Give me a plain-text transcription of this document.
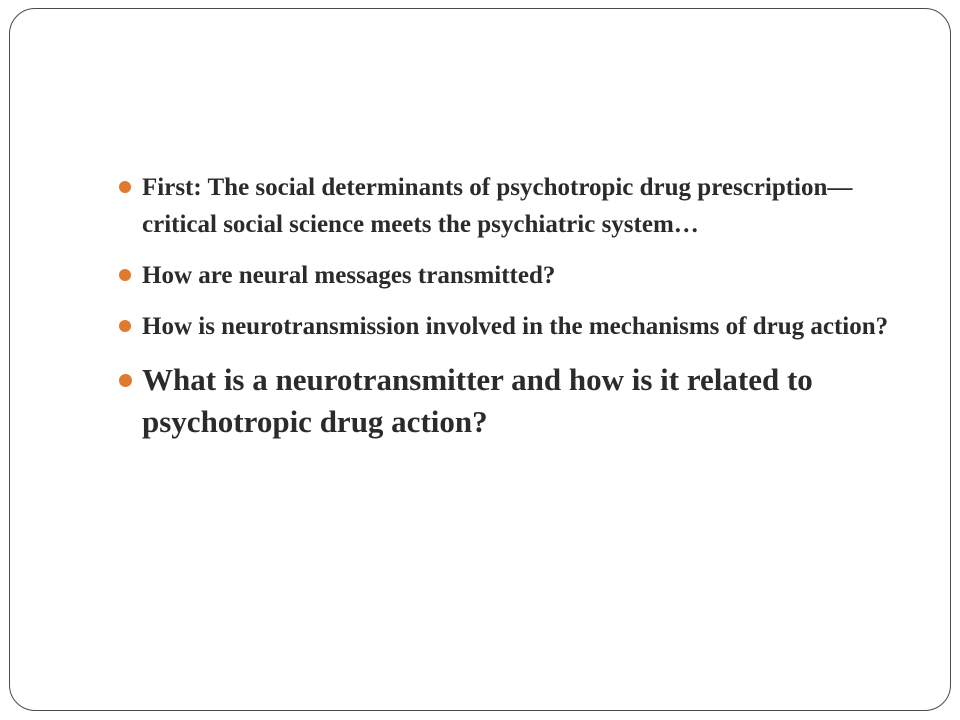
First: The social determinants of psychotropic drug prescription—critical social science meets the psychiatric system…
How are neural messages transmitted?
How is neurotransmission involved in the mechanisms of drug action?
What is a neurotransmitter and how is it related to psychotropic drug action?
